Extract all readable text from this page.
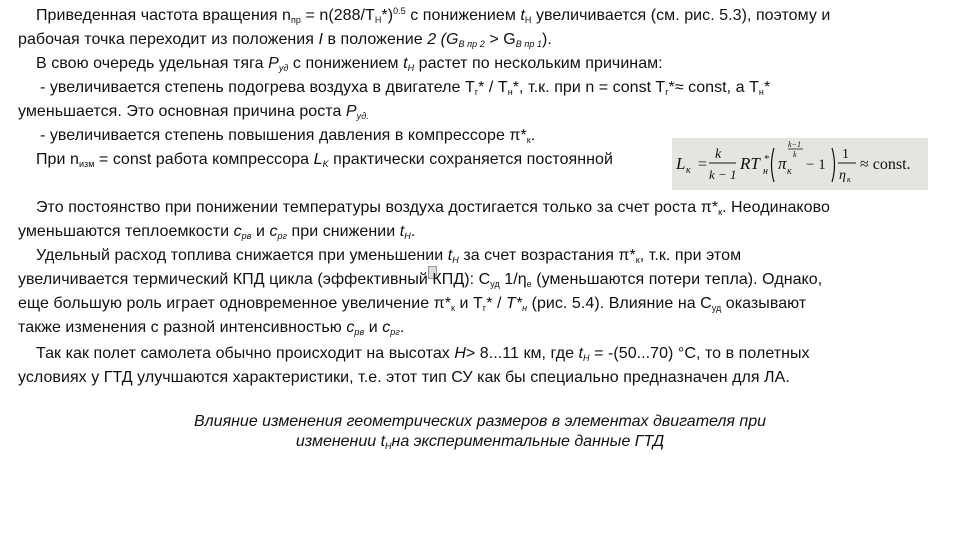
Приведенная частота вращения $n_{пр} = n(288/T_H*)^{0.5}$ с понижением $t_H$ увеличивается (см. рис. 5.3), поэтому и
рабочая точка переходит из положения I в положение 2 $(G_{B пр 2} > G_{B пр 1})$.
В свою очередь удельная тяга $P_{уд}$ с понижением $t_H$ растет по нескольким причинам:
- увеличивается степень подогрева воздуха в двигателе $T_г* / T_н*$, т.к. при n = const $T_г*\approx$ const, а $T_н*$
уменьшается. Это основная причина роста $P_{уд.}$
- увеличивается степень повышения давления в компрессоре $\pi*_к$.
При $n_{изм}$ = const работа компрессора $L_K$ практически сохраняется постоянной	L к =
k
k − 1
RT *
н π к
k−1
k
− 1
1
η к
≈ const.
Это постоянство при понижении температуры воздуха достигается только за счет роста $\pi*_к$. Неодинаково
уменьшаются теплоемкости $c_{рв}$ и $c_{рг}$ при снижении $t_H$.
Удельный расход топлива снижается при уменьшении $t_H$ за счет возрастания $\pi*_к$, т.к. при этом
увеличивается термический КПД цикла (эффективный КПД): $C_{уд}$ $1/\eta_е$ (уменьшаются потери тепла). Однако,
еще большую роль играет одновременное увеличение $\pi*_к$ и $T_г* / T*_н$ (рис. 5.4). Влияние на $C_{уд}$ оказывают
также изменения с разной интенсивностью $c_{рв}$ и $c_{рг}$.
Так как полет самолета обычно происходит на высотах H> 8...11 км, где $t_H = -(50...70)$ °С, то в полетных
условиях у ГТД улучшаются характеристики, т.е. этот тип СУ как бы специально предназначен для ЛА.
Влияние изменения геометрических размеров в элементах двигателя при
изменении $t_Hна$ экспериментальные данные ГТД
